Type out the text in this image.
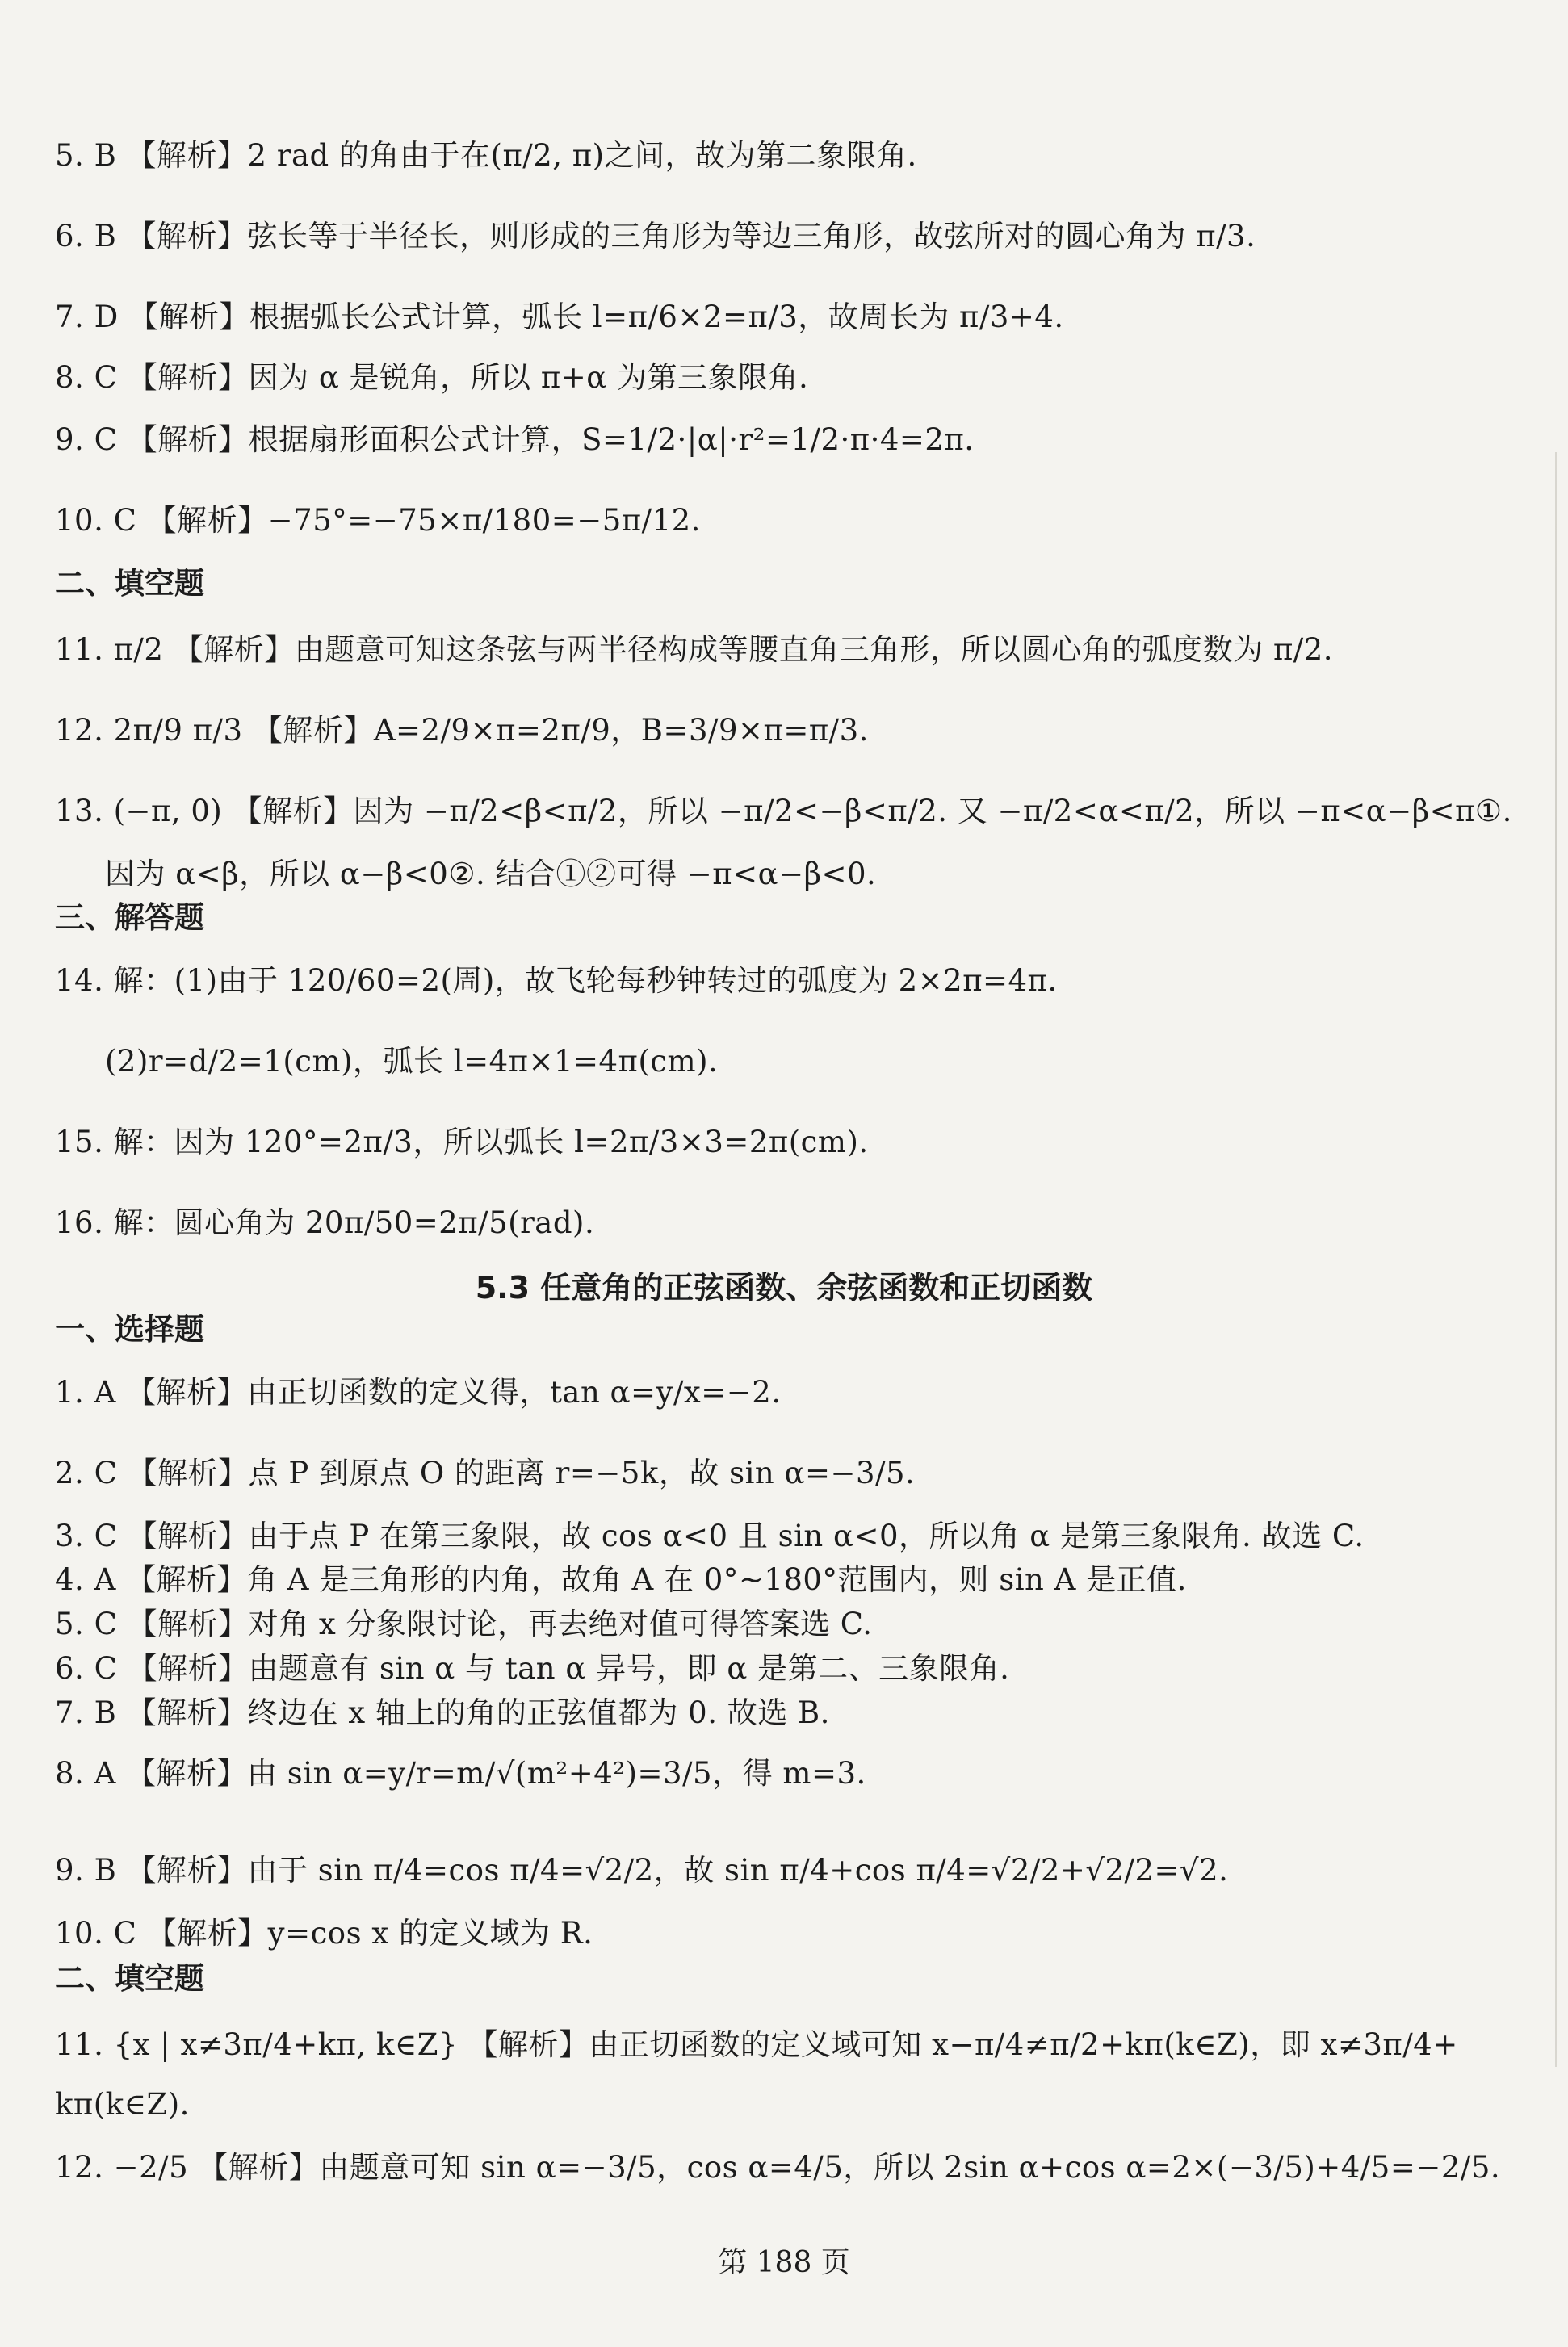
5. B 【解析】2 rad 的角由于在(π/2, π)之间，故为第二象限角.
6. B 【解析】弦长等于半径长，则形成的三角形为等边三角形，故弦所对的圆心角为 π/3.
7. D 【解析】根据弧长公式计算，弧长 l=π/6×2=π/3，故周长为 π/3+4.
8. C 【解析】因为 α 是锐角，所以 π+α 为第三象限角.
9. C 【解析】根据扇形面积公式计算，S=1/2·|α|·r²=1/2·π·4=2π.
10. C 【解析】−75°=−75×π/180=−5π/12.
二、填空题
11. π/2 【解析】由题意可知这条弦与两半径构成等腰直角三角形，所以圆心角的弧度数为 π/2.
12. 2π/9 π/3 【解析】A=2/9×π=2π/9，B=3/9×π=π/3.
13. (−π, 0) 【解析】因为 −π/2<β<π/2，所以 −π/2<−β<π/2. 又 −π/2<α<π/2，所以 −π<α−β<π①.
因为 α<β，所以 α−β<0②. 结合①②可得 −π<α−β<0.
三、解答题
14. 解：(1)由于 120/60=2(周)，故飞轮每秒钟转过的弧度为 2×2π=4π.
(2)r=d/2=1(cm)，弧长 l=4π×1=4π(cm).
15. 解：因为 120°=2π/3，所以弧长 l=2π/3×3=2π(cm).
16. 解：圆心角为 20π/50=2π/5(rad).
5.3 任意角的正弦函数、余弦函数和正切函数
一、选择题
1. A 【解析】由正切函数的定义得，tan α=y/x=−2.
2. C 【解析】点 P 到原点 O 的距离 r=−5k，故 sin α=−3/5.
3. C 【解析】由于点 P 在第三象限，故 cos α<0 且 sin α<0，所以角 α 是第三象限角. 故选 C.
4. A 【解析】角 A 是三角形的内角，故角 A 在 0°~180°范围内，则 sin A 是正值.
5. C 【解析】对角 x 分象限讨论，再去绝对值可得答案选 C.
6. C 【解析】由题意有 sin α 与 tan α 异号，即 α 是第二、三象限角.
7. B 【解析】终边在 x 轴上的角的正弦值都为 0. 故选 B.
8. A 【解析】由 sin α=y/r=m/√(m²+4²)=3/5，得 m=3.
9. B 【解析】由于 sin π/4=cos π/4=√2/2，故 sin π/4+cos π/4=√2/2+√2/2=√2.
10. C 【解析】y=cos x 的定义域为 R.
二、填空题
11. {x | x≠3π/4+kπ, k∈Z} 【解析】由正切函数的定义域可知 x−π/4≠π/2+kπ(k∈Z)，即 x≠3π/4+
kπ(k∈Z).
12. −2/5 【解析】由题意可知 sin α=−3/5，cos α=4/5，所以 2sin α+cos α=2×(−3/5)+4/5=−2/5.
第 188 页
